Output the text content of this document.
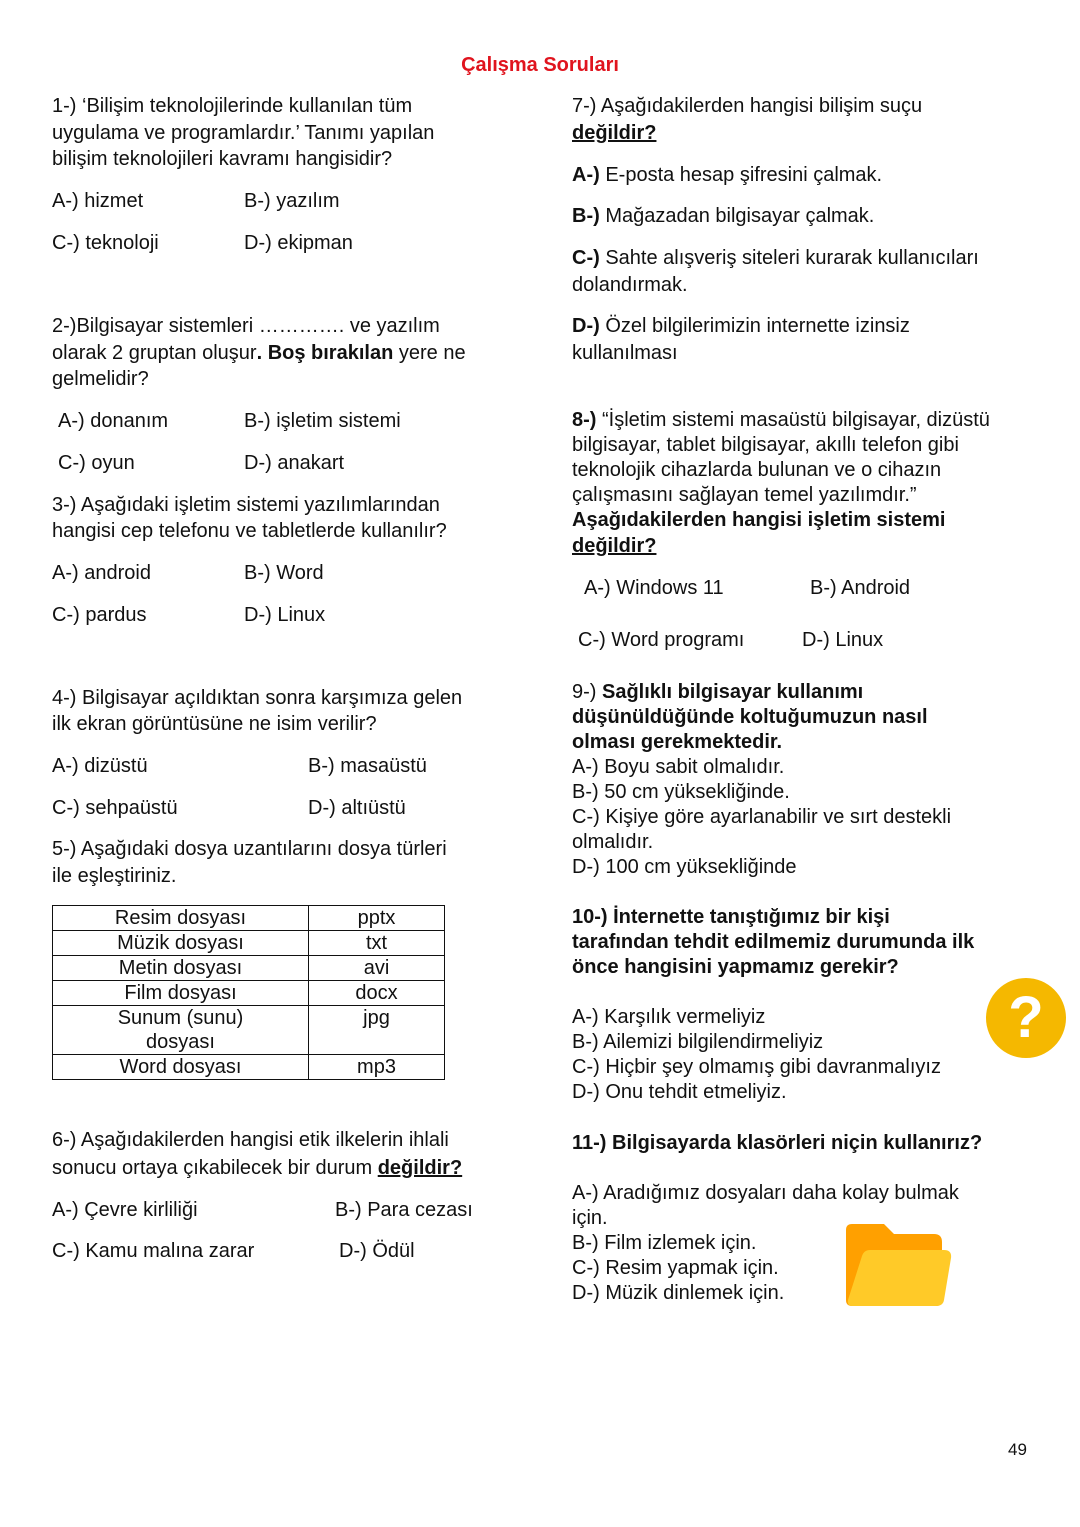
Çalışma Soruları
1-) ‘Bilişim teknolojilerinde kullanılan tüm
uygulama ve programlardır.’ Tanımı yapılan
bilişim teknolojileri kavramı hangisidir?
A-) hizmet	B-) yazılım
C-) teknoloji	D-) ekipman
2-)Bilgisayar sistemleri …………. ve yazılım
olarak 2 gruptan oluşur. Boş bırakılan yere ne
gelmelidir?
A-) donanım	B-) işletim sistemi
C-) oyun	D-) anakart
3-) Aşağıdaki işletim sistemi yazılımlarından
hangisi cep telefonu ve tabletlerde kullanılır?
A-) android	B-) Word
C-) pardus	D-) Linux
4-) Bilgisayar açıldıktan sonra karşımıza gelen
ilk ekran görüntüsüne ne isim verilir?
A-) dizüstü	B-) masaüstü
C-) sehpaüstü	D-) altıüstü
5-) Aşağıdaki dosya uzantılarını dosya türleri
ile eşleştiriniz.
Resim dosyası	pptx
Müzik dosyası	txt
Metin dosyası	avi
Film dosyası	docx
Sunum (sunu) dosyası	jpg
Word dosyası	mp3
6-) Aşağıdakilerden hangisi etik ilkelerin ihlali
sonucu ortaya çıkabilecek bir durum değildir?
A-) Çevre kirliliği	B-) Para cezası
C-) Kamu malına zarar	D-) Ödül
7-) Aşağıdakilerden hangisi bilişim suçu
değildir?
A-) E-posta hesap şifresini çalmak.
B-) Mağazadan bilgisayar çalmak.
C-) Sahte alışveriş siteleri kurarak kullanıcıları
dolandırmak.
D-) Özel bilgilerimizin internette izinsiz
kullanılması
8-) “İşletim sistemi masaüstü bilgisayar, dizüstü
bilgisayar, tablet bilgisayar, akıllı telefon gibi
teknolojik cihazlarda bulunan ve o cihazın
çalışmasını sağlayan temel yazılımdır.”
Aşağıdakilerden hangisi işletim sistemi
değildir?
A-) Windows 11	B-) Android
C-) Word programı	D-) Linux
9-) Sağlıklı bilgisayar kullanımı
düşünüldüğünde koltuğumuzun nasıl
olması gerekmektedir.
A-) Boyu sabit olmalıdır.
B-) 50 cm yüksekliğinde.
C-) Kişiye göre ayarlanabilir ve sırt destekli
olmalıdır.
D-) 100 cm yüksekliğinde
10-) İnternette tanıştığımız bir kişi
tarafından tehdit edilmemiz durumunda ilk
önce hangisini yapmamız gerekir?
A-) Karşılık vermeliyiz
B-) Ailemizi bilgilendirmeliyiz
C-) Hiçbir şey olmamış gibi davranmalıyız
D-) Onu tehdit etmeliyiz.
?
11-) Bilgisayarda klasörleri niçin kullanırız?
A-) Aradığımız dosyaları daha kolay bulmak
için.
B-) Film izlemek için.
C-) Resim yapmak için.
D-) Müzik dinlemek için.
49
